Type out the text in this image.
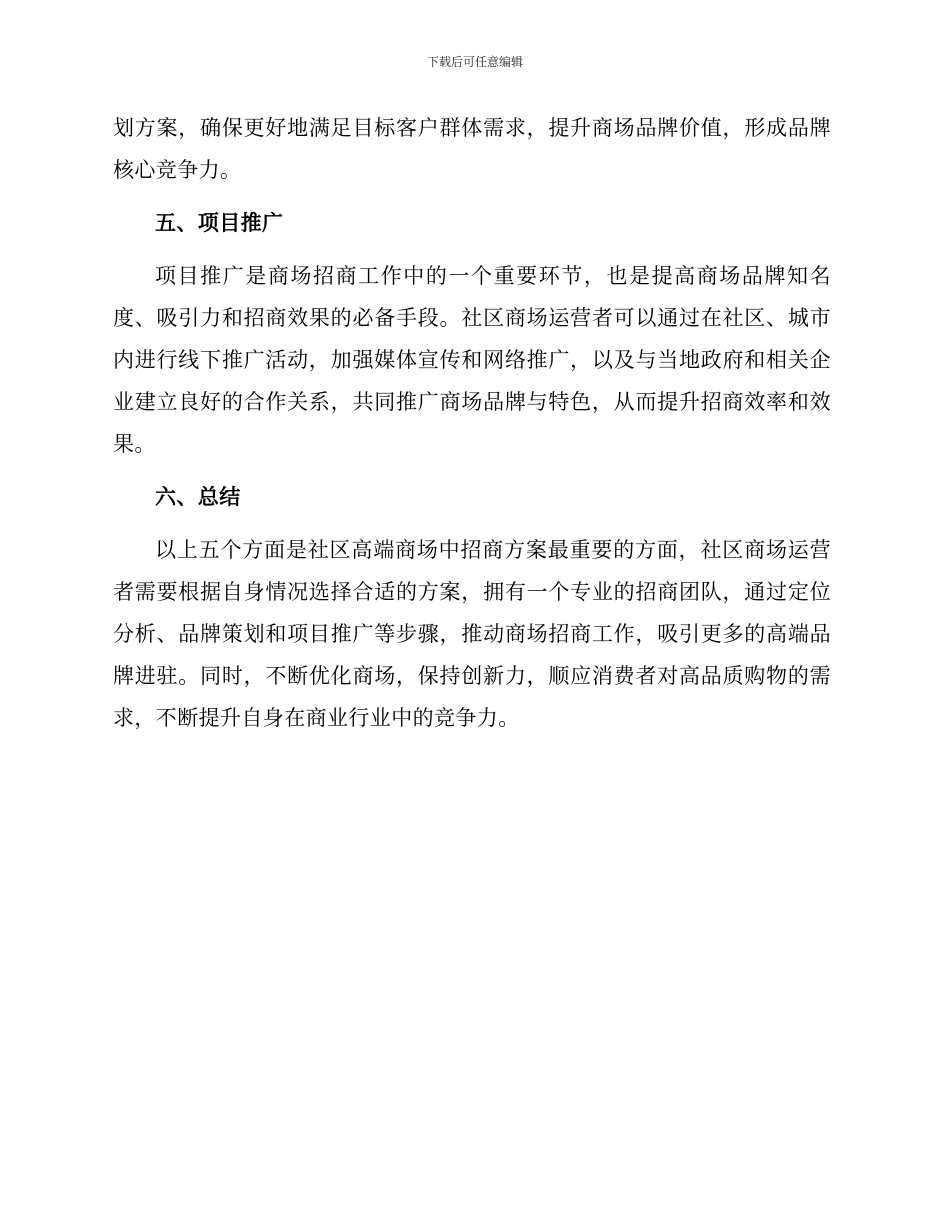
下载后可任意编辑

划方案，确保更好地满足目标客户群体需求，提升商场品牌价值，形成品牌核心竞争力。

五、项目推广

项目推广是商场招商工作中的一个重要环节，也是提高商场品牌知名度、吸引力和招商效果的必备手段。社区商场运营者可以通过在社区、城市内进行线下推广活动，加强媒体宣传和网络推广，以及与当地政府和相关企业建立良好的合作关系，共同推广商场品牌与特色，从而提升招商效率和效果。

六、总结

以上五个方面是社区高端商场中招商方案最重要的方面，社区商场运营者需要根据自身情况选择合适的方案，拥有一个专业的招商团队，通过定位分析、品牌策划和项目推广等步骤，推动商场招商工作，吸引更多的高端品牌进驻。同时，不断优化商场，保持创新力，顺应消费者对高品质购物的需求，不断提升自身在商业行业中的竞争力。
